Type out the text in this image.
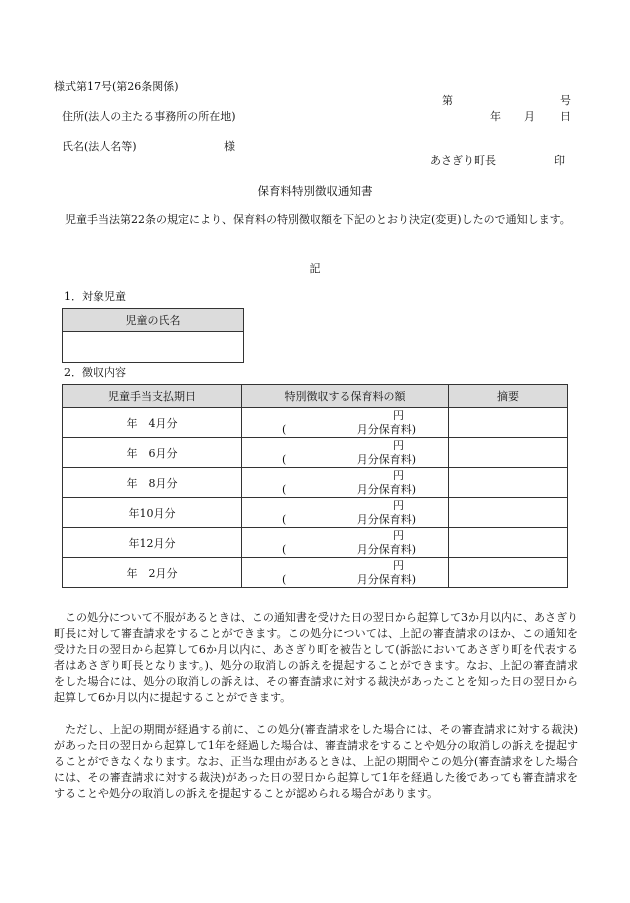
様式第17号(第26条関係)
第	号
住所(法人の主たる事務所の所在地)	年 月 日
氏名(法人名等)	様
あさぎり町長	印
保育料特別徴収通知書
児童手当法第22条の規定により、保育料の特別徴収額を下記のとおり決定(変更)したので通知します。
記
1．対象児童
児童の氏名

2．徴収内容
児童手当支払期日	特別徴収する保育料の額	摘要
年　4月分	円
( 月分保育料)	

年　6月分	円
( 月分保育料)	

年　8月分	円
( 月分保育料)	

年10月分	円
( 月分保育料)	

年12月分	円
( 月分保育料)	

年　2月分	円
( 月分保育料)	

この処分について不服があるときは、この通知書を受けた日の翌日から起算して3か月以内に、あさぎり町長に対して審査請求をすることができます。この処分については、上記の審査請求のほか、この通知を受けた日の翌日から起算して6か月以内に、あさぎり町を被告として(訴訟においてあさぎり町を代表する者はあさぎり町長となります。)、処分の取消しの訴えを提起することができます。なお、上記の審査請求をした場合には、処分の取消しの訴えは、その審査請求に対する裁決があったことを知った日の翌日から起算して6か月以内に提起することができます。
ただし、上記の期間が経過する前に、この処分(審査請求をした場合には、その審査請求に対する裁決)があった日の翌日から起算して1年を経過した場合は、審査請求をすることや処分の取消しの訴えを提起することができなくなります。なお、正当な理由があるときは、上記の期間やこの処分(審査請求をした場合には、その審査請求に対する裁決)があった日の翌日から起算して1年を経過した後であっても審査請求をすることや処分の取消しの訴えを提起することが認められる場合があります。
